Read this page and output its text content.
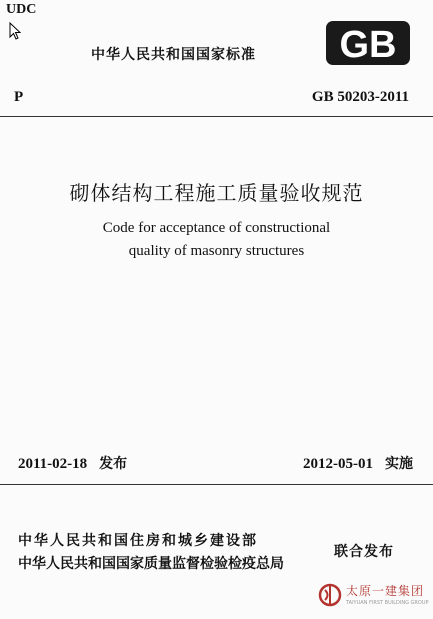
UDC
中华人民共和国国家标准 GB
P	GB 50203-2011
砌体结构工程施工质量验收规范
Code for acceptance of constructional
quality of masonry structures
2011-02-18 发布	2012-05-01 实施
中华人民共和国住房和城乡建设部
中华人民共和国国家质量监督检验检疫总局
联合发布
太原一建集团
TAIYUAN FIRST BUILDING GROUP
